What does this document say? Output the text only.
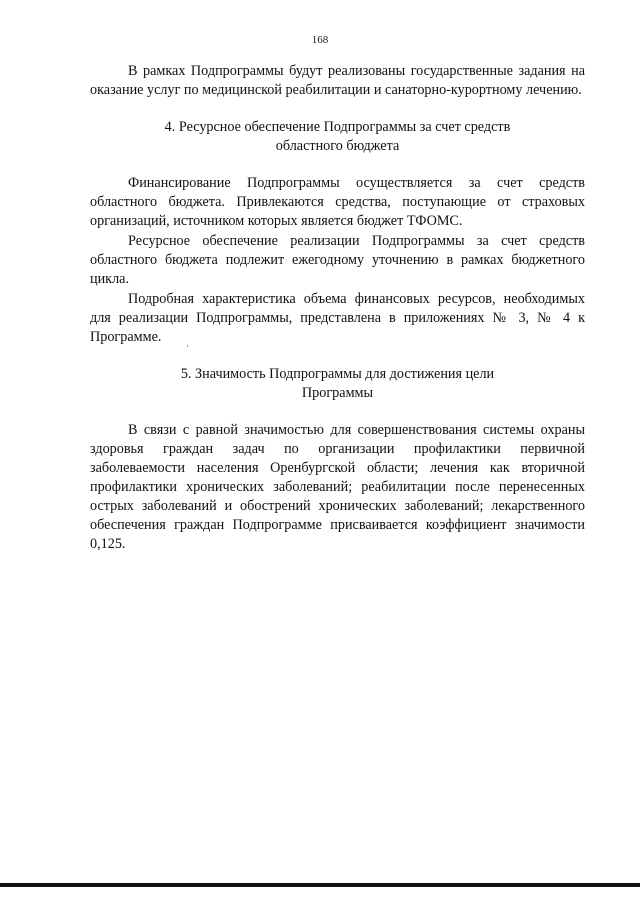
168

В рамках Подпрограммы будут реализованы государственные задания на оказание услуг по медицинской реабилитации и санаторно-курортному лечению.

4. Ресурсное обеспечение Подпрограммы за счет средств
областного бюджета

Финансирование Подпрограммы осуществляется за счет средств областного бюджета. Привлекаются средства, поступающие от страховых организаций, источником которых является бюджет ТФОМС.

Ресурсное обеспечение реализации Подпрограммы за счет средств областного бюджета подлежит ежегодному уточнению в рамках бюджетного цикла.

Подробная характеристика объема финансовых ресурсов, необходимых для реализации Подпрограммы, представлена в приложениях № 3, № 4 к Программе.

5. Значимость Подпрограммы для достижения цели
Программы

В связи с равной значимостью для совершенствования системы охраны здоровья граждан задач по организации профилактики первичной заболеваемости населения Оренбургской области; лечения как вторичной профилактики хронических заболеваний; реабилитации после перенесенных острых заболеваний и обострений хронических заболеваний; лекарственного обеспечения граждан Подпрограмме присваивается коэффициент значимости 0,125.
